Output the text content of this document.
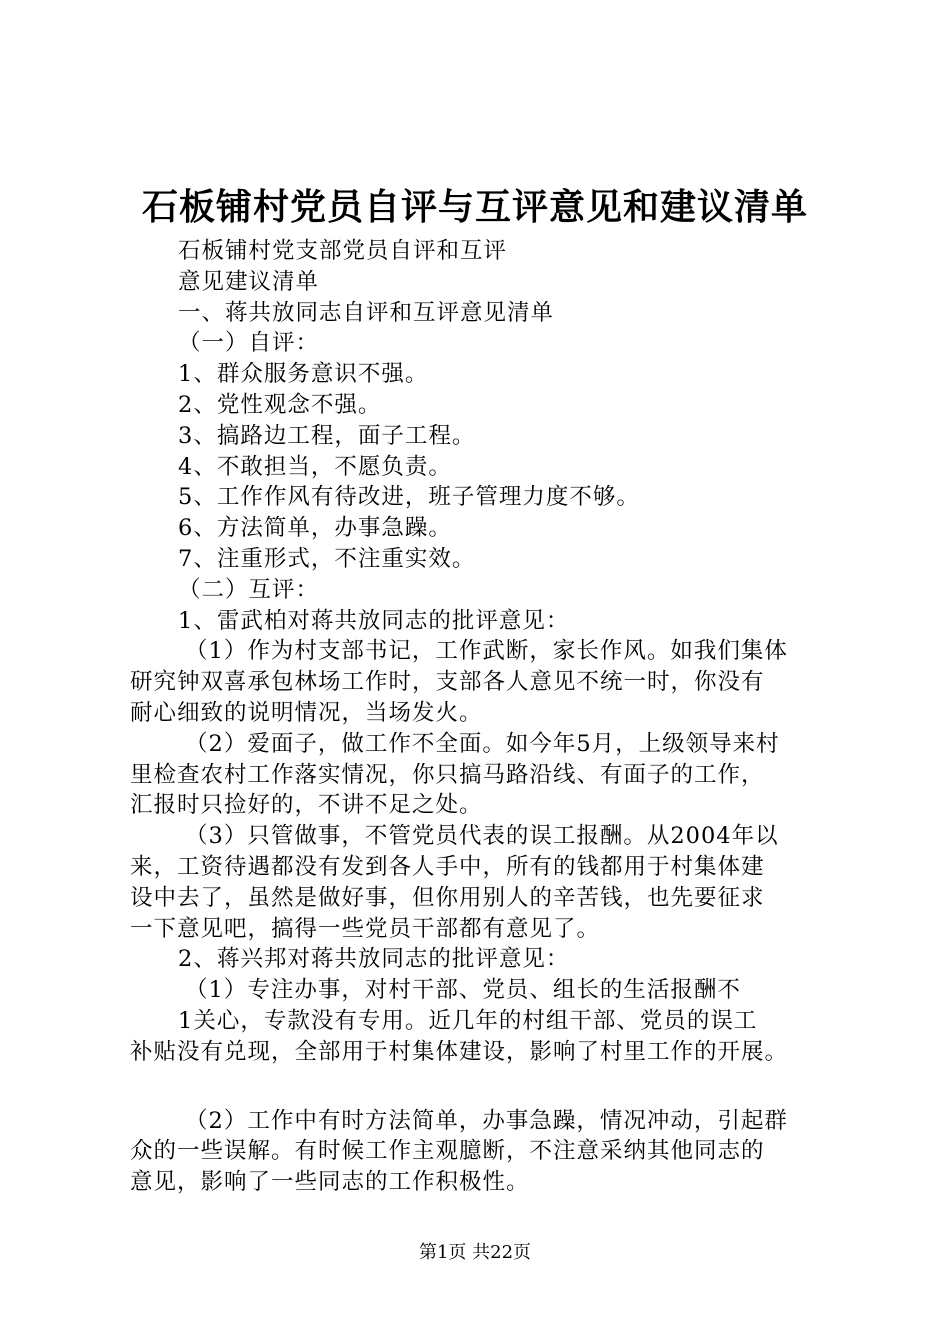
石板铺村党员自评与互评意见和建议清单
石板铺村党支部党员自评和互评
意见建议清单
一、蒋共放同志自评和互评意见清单
（一）自评：
1、群众服务意识不强。
2、党性观念不强。
3、搞路边工程，面子工程。
4、不敢担当，不愿负责。
5、工作作风有待改进，班子管理力度不够。
6、方法简单，办事急躁。
7、注重形式，不注重实效。
（二）互评：
1、雷武柏对蒋共放同志的批评意见：
（1）作为村支部书记，工作武断，家长作风。如我们集体
研究钟双喜承包林场工作时，支部各人意见不统一时，你没有
耐心细致的说明情况，当场发火。
（2）爱面子，做工作不全面。如今年5月，上级领导来村
里检查农村工作落实情况，你只搞马路沿线、有面子的工作，
汇报时只捡好的，不讲不足之处。
（3）只管做事，不管党员代表的误工报酬。从2004年以
来，工资待遇都没有发到各人手中，所有的钱都用于村集体建
设中去了，虽然是做好事，但你用别人的辛苦钱，也先要征求
一下意见吧，搞得一些党员干部都有意见了。
2、蒋兴邦对蒋共放同志的批评意见：
（1）专注办事，对村干部、党员、组长的生活报酬不
1关心，专款没有专用。近几年的村组干部、党员的误工
补贴没有兑现，全部用于村集体建设，影响了村里工作的开展。
（2）工作中有时方法简单，办事急躁，情况冲动，引起群
众的一些误解。有时候工作主观臆断，不注意采纳其他同志的
意见，影响了一些同志的工作积极性。
第1页 共22页
